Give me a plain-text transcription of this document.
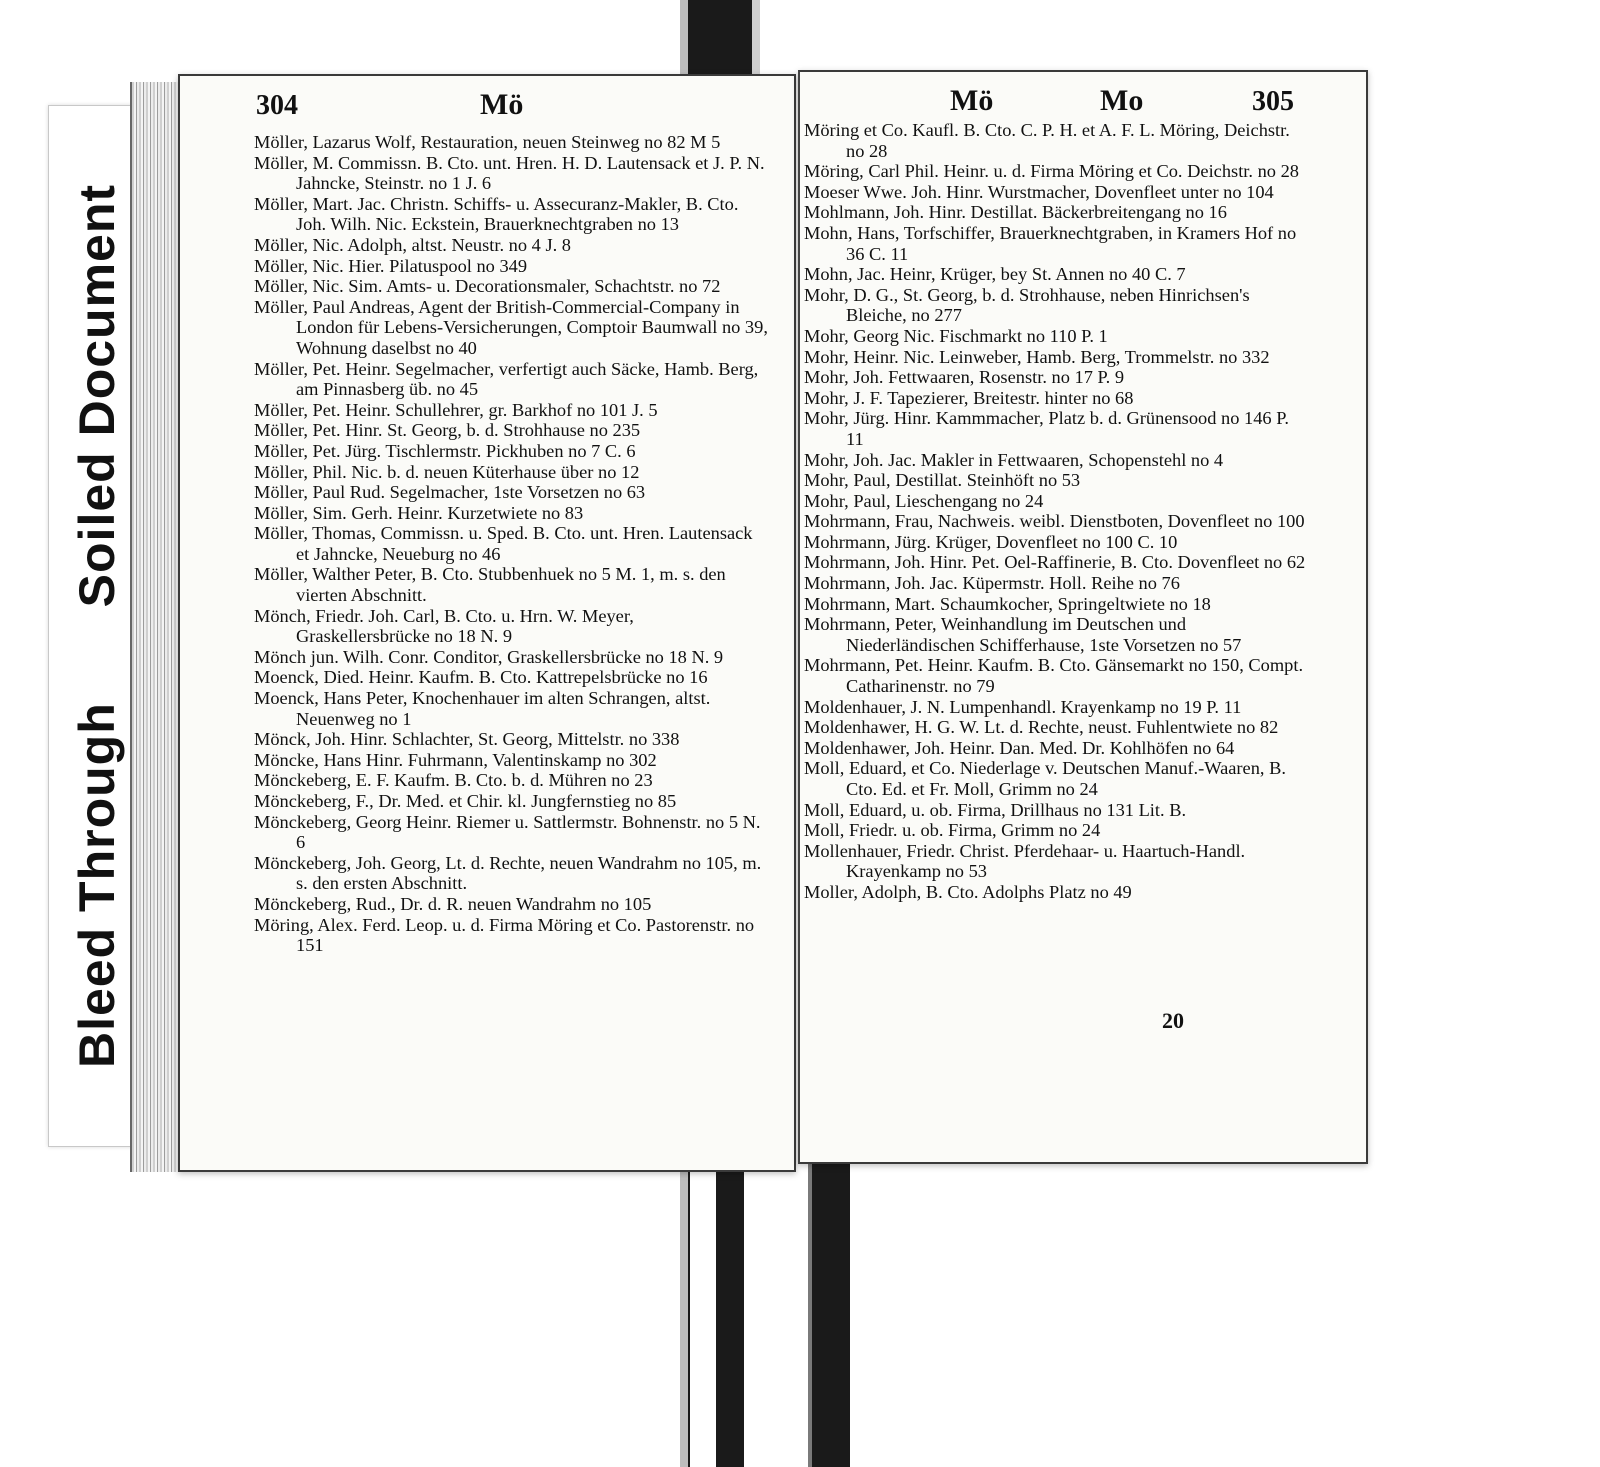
Bleed Through Soiled Document
304	Mö
Möller, Lazarus Wolf, Restauration, neuen Steinweg no 82 M 5
Möller, M. Commissn. B. Cto. unt. Hren. H. D. Lautensack et J. P. N. Jahncke, Steinstr. no 1 J. 6
Möller, Mart. Jac. Christn. Schiffs- u. Assecuranz-Makler, B. Cto. Joh. Wilh. Nic. Eckstein, Brauerknechtgraben no 13
Möller, Nic. Adolph, altst. Neustr. no 4 J. 8
Möller, Nic. Hier. Pilatuspool no 349
Möller, Nic. Sim. Amts- u. Decorationsmaler, Schachtstr. no 72
Möller, Paul Andreas, Agent der British-Commercial-Company in London für Lebens-Versicherungen, Comptoir Baumwall no 39, Wohnung daselbst no 40
Möller, Pet. Heinr. Segelmacher, verfertigt auch Säcke, Hamb. Berg, am Pinnasberg üb. no 45
Möller, Pet. Heinr. Schullehrer, gr. Barkhof no 101 J. 5
Möller, Pet. Hinr. St. Georg, b. d. Strohhause no 235
Möller, Pet. Jürg. Tischlermstr. Pickhuben no 7 C. 6
Möller, Phil. Nic. b. d. neuen Küterhause über no 12
Möller, Paul Rud. Segelmacher, 1ste Vorsetzen no 63
Möller, Sim. Gerh. Heinr. Kurzetwiete no 83
Möller, Thomas, Commissn. u. Sped. B. Cto. unt. Hren. Lautensack et Jahncke, Neueburg no 46
Möller, Walther Peter, B. Cto. Stubbenhuek no 5 M. 1, m. s. den vierten Abschnitt.
Mönch, Friedr. Joh. Carl, B. Cto. u. Hrn. W. Meyer, Graskellersbrücke no 18 N. 9
Mönch jun. Wilh. Conr. Conditor, Graskellersbrücke no 18 N. 9
Moenck, Died. Heinr. Kaufm. B. Cto. Kattrepelsbrücke no 16
Moenck, Hans Peter, Knochenhauer im alten Schrangen, altst. Neuenweg no 1
Mönck, Joh. Hinr. Schlachter, St. Georg, Mittelstr. no 338
Möncke, Hans Hinr. Fuhrmann, Valentinskamp no 302
Mönckeberg, E. F. Kaufm. B. Cto. b. d. Mühren no 23
Mönckeberg, F., Dr. Med. et Chir. kl. Jungfernstieg no 85
Mönckeberg, Georg Heinr. Riemer u. Sattlermstr. Bohnenstr. no 5 N. 6
Mönckeberg, Joh. Georg, Lt. d. Rechte, neuen Wandrahm no 105, m. s. den ersten Abschnitt.
Mönckeberg, Rud., Dr. d. R. neuen Wandrahm no 105
Möring, Alex. Ferd. Leop. u. d. Firma Möring et Co. Pastorenstr. no 151
Mö	Mo	305
Möring et Co. Kaufl. B. Cto. C. P. H. et A. F. L. Möring, Deichstr. no 28
Möring, Carl Phil. Heinr. u. d. Firma Möring et Co. Deichstr. no 28
Moeser Wwe. Joh. Hinr. Wurstmacher, Dovenfleet unter no 104
Mohlmann, Joh. Hinr. Destillat. Bäckerbreitengang no 16
Mohn, Hans, Torfschiffer, Brauerknechtgraben, in Kramers Hof no 36 C. 11
Mohn, Jac. Heinr, Krüger, bey St. Annen no 40 C. 7
Mohr, D. G., St. Georg, b. d. Strohhause, neben Hinrichsen's Bleiche, no 277
Mohr, Georg Nic. Fischmarkt no 110 P. 1
Mohr, Heinr. Nic. Leinweber, Hamb. Berg, Trommelstr. no 332
Mohr, Joh. Fettwaaren, Rosenstr. no 17 P. 9
Mohr, J. F. Tapezierer, Breitestr. hinter no 68
Mohr, Jürg. Hinr. Kammmacher, Platz b. d. Grünensood no 146 P. 11
Mohr, Joh. Jac. Makler in Fettwaaren, Schopenstehl no 4
Mohr, Paul, Destillat. Steinhöft no 53
Mohr, Paul, Lieschengang no 24
Mohrmann, Frau, Nachweis. weibl. Dienstboten, Dovenfleet no 100
Mohrmann, Jürg. Krüger, Dovenfleet no 100 C. 10
Mohrmann, Joh. Hinr. Pet. Oel-Raffinerie, B. Cto. Dovenfleet no 62
Mohrmann, Joh. Jac. Küpermstr. Holl. Reihe no 76
Mohrmann, Mart. Schaumkocher, Springeltwiete no 18
Mohrmann, Peter, Weinhandlung im Deutschen und Niederländischen Schifferhause, 1ste Vorsetzen no 57
Mohrmann, Pet. Heinr. Kaufm. B. Cto. Gänsemarkt no 150, Compt. Catharinenstr. no 79
Moldenhauer, J. N. Lumpenhandl. Krayenkamp no 19 P. 11
Moldenhawer, H. G. W. Lt. d. Rechte, neust. Fuhlentwiete no 82
Moldenhawer, Joh. Heinr. Dan. Med. Dr. Kohlhöfen no 64
Moll, Eduard, et Co. Niederlage v. Deutschen Manuf.-Waaren, B. Cto. Ed. et Fr. Moll, Grimm no 24
Moll, Eduard, u. ob. Firma, Drillhaus no 131 Lit. B.
Moll, Friedr. u. ob. Firma, Grimm no 24
Mollenhauer, Friedr. Christ. Pferdehaar- u. Haartuch-Handl. Krayenkamp no 53
Moller, Adolph, B. Cto. Adolphs Platz no 49
20
